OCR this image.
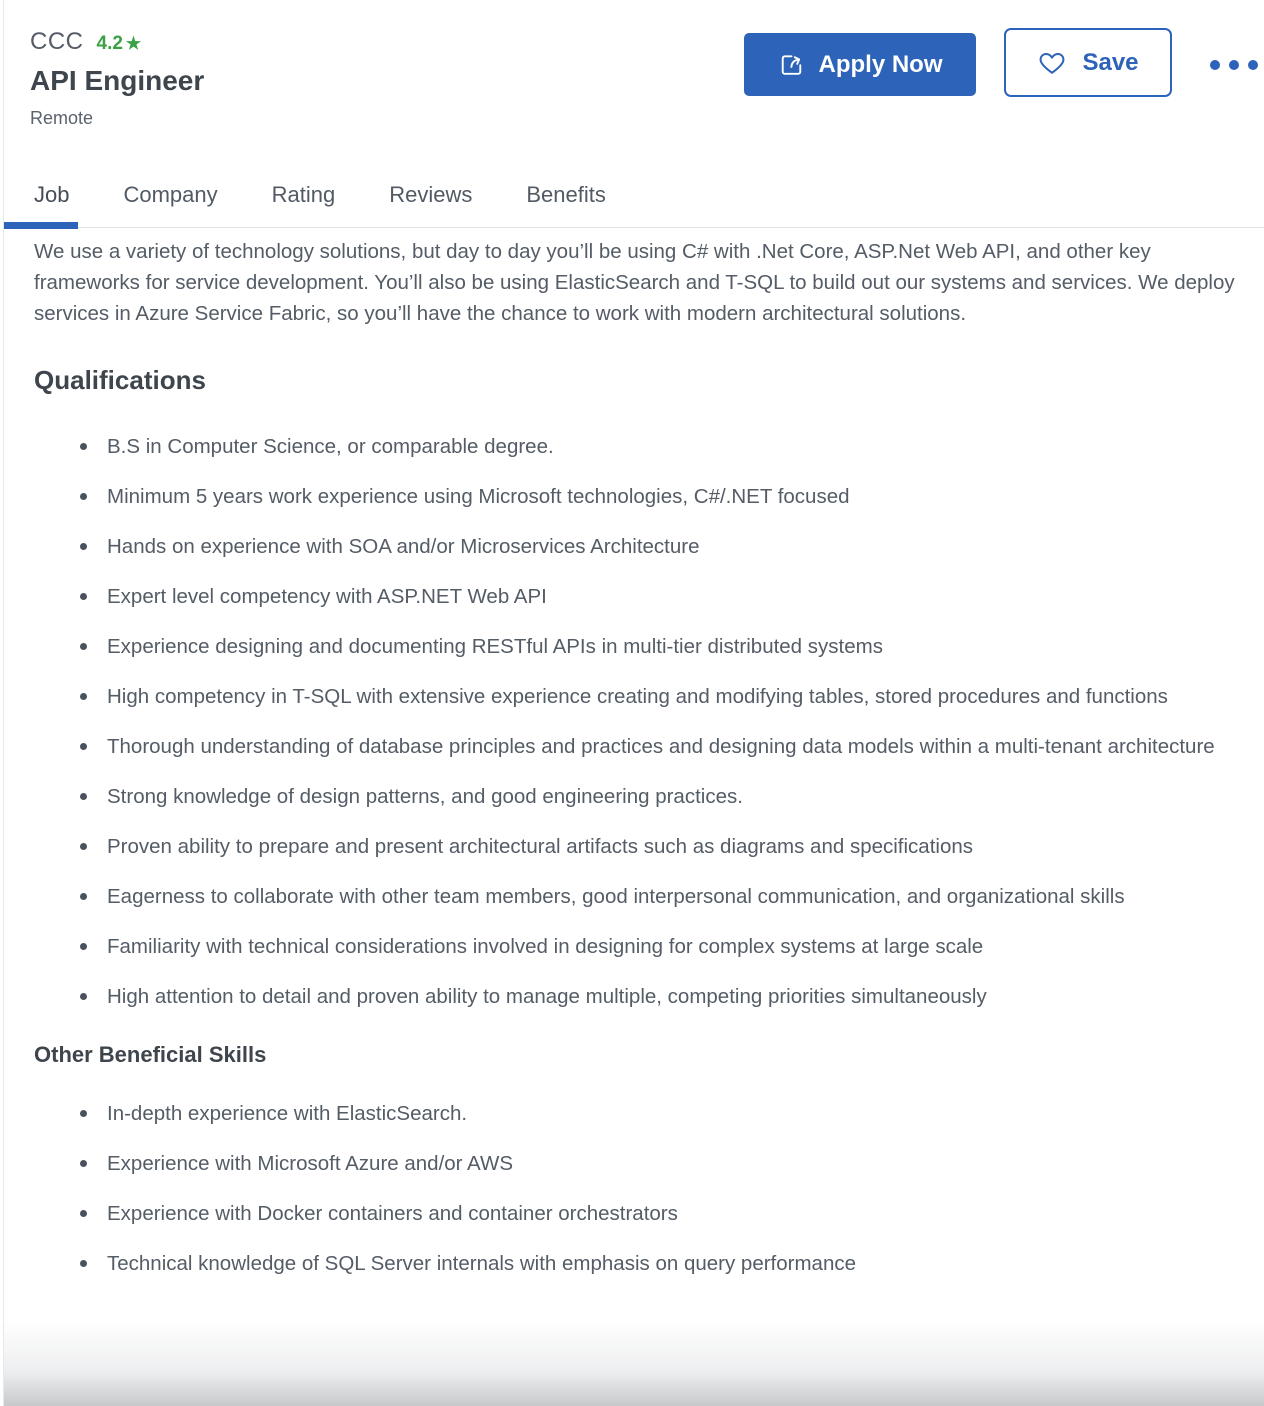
CCC 4.2 ★
API Engineer
Remote
Apply Now	Save
Job Company Rating Reviews Benefits

We use a variety of technology solutions, but day to day you’ll be using C# with .Net Core, ASP.Net Web API, and other key frameworks for service development. You’ll also be using ElasticSearch and T-SQL to build out our systems and services. We deploy services in Azure Service Fabric, so you’ll have the chance to work with modern architectural solutions.

Qualifications
B.S in Computer Science, or comparable degree.
Minimum 5 years work experience using Microsoft technologies, C#/.NET focused
Hands on experience with SOA and/or Microservices Architecture
Expert level competency with ASP.NET Web API
Experience designing and documenting RESTful APIs in multi-tier distributed systems
High competency in T-SQL with extensive experience creating and modifying tables, stored procedures and functions
Thorough understanding of database principles and practices and designing data models within a multi-tenant architecture
Strong knowledge of design patterns, and good engineering practices.
Proven ability to prepare and present architectural artifacts such as diagrams and specifications
Eagerness to collaborate with other team members, good interpersonal communication, and organizational skills
Familiarity with technical considerations involved in designing for complex systems at large scale
High attention to detail and proven ability to manage multiple, competing priorities simultaneously
Other Beneficial Skills
In-depth experience with ElasticSearch.
Experience with Microsoft Azure and/or AWS
Experience with Docker containers and container orchestrators
Technical knowledge of SQL Server internals with emphasis on query performance
